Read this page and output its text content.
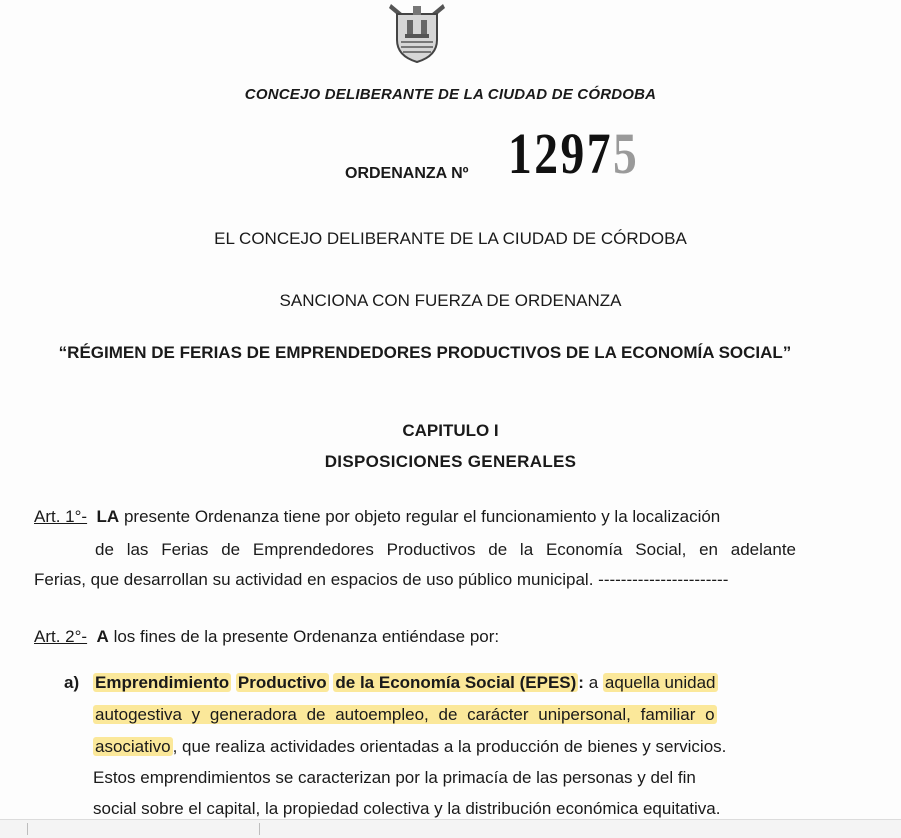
CONCEJO DELIBERANTE DE LA CIUDAD DE CÓRDOBA
ORDENANZA Nº 12975
EL CONCEJO DELIBERANTE DE LA CIUDAD DE CÓRDOBA
SANCIONA CON FUERZA DE ORDENANZA
“RÉGIMEN DE FERIAS DE EMPRENDEDORES PRODUCTIVOS DE LA ECONOMÍA SOCIAL”
CAPITULO I
DISPOSICIONES GENERALES
Art. 1°- LA presente Ordenanza tiene por objeto regular el funcionamiento y la localización
de las Ferias de Emprendedores Productivos de la Economía Social, en adelante
Ferias, que desarrollan su actividad en espacios de uso público municipal. -----------------------
Art. 2°- A los fines de la presente Ordenanza entiéndase por:
a) Emprendimiento Productivo de la Economía Social (EPES) : a aquella unidad
autogestiva y generadora de autoempleo, de carácter unipersonal, familiar o
asociativo , que realiza actividades orientadas a la producción de bienes y servicios.
Estos emprendimientos se caracterizan por la primacía de las personas y del fin
social sobre el capital, la propiedad colectiva y la distribución económica equitativa.
